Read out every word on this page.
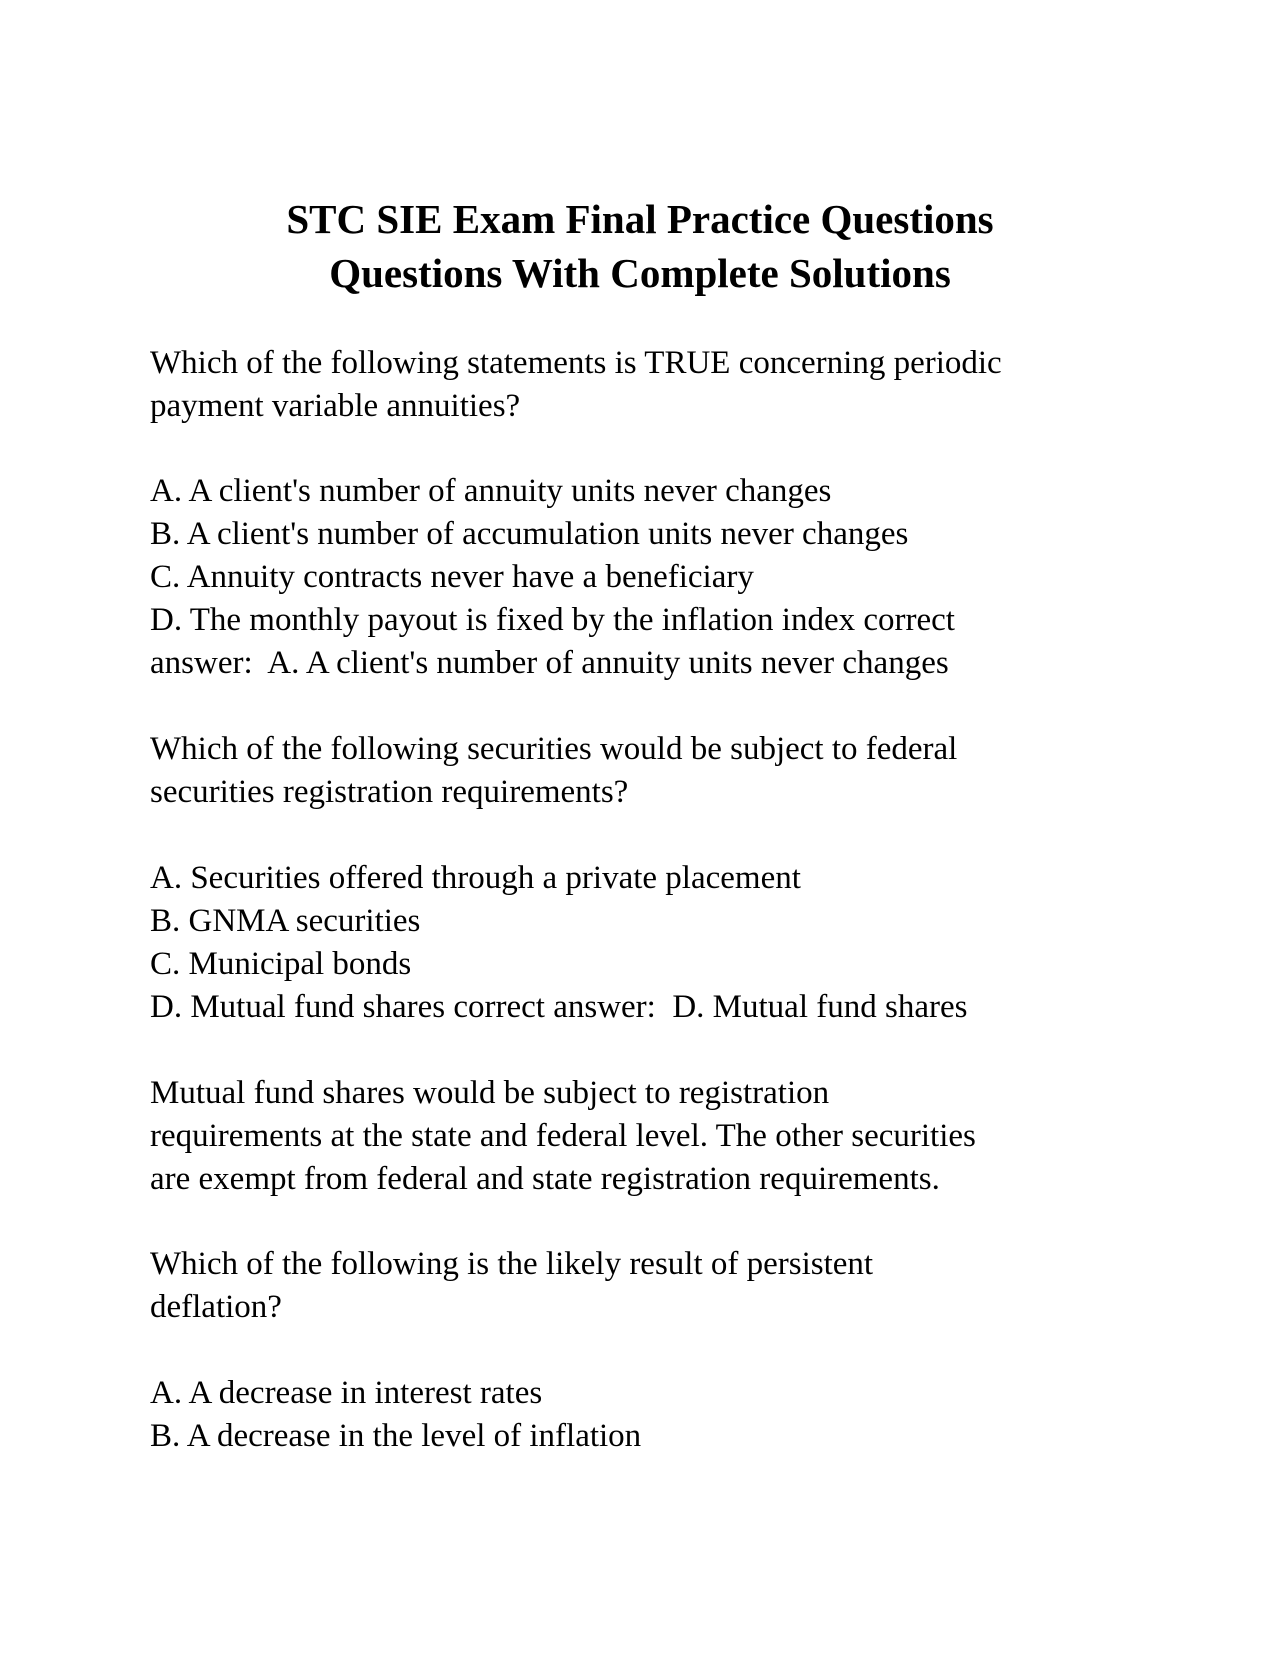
STC SIE Exam Final Practice Questions
Questions With Complete Solutions

Which of the following statements is TRUE concerning periodic
payment variable annuities?

A. A client's number of annuity units never changes
B. A client's number of accumulation units never changes
C. Annuity contracts never have a beneficiary
D. The monthly payout is fixed by the inflation index correct
answer:  A. A client's number of annuity units never changes

Which of the following securities would be subject to federal
securities registration requirements?

A. Securities offered through a private placement
B. GNMA securities
C. Municipal bonds
D. Mutual fund shares correct answer:  D. Mutual fund shares

Mutual fund shares would be subject to registration
requirements at the state and federal level. The other securities
are exempt from federal and state registration requirements.

Which of the following is the likely result of persistent
deflation?

A. A decrease in interest rates
B. A decrease in the level of inflation
